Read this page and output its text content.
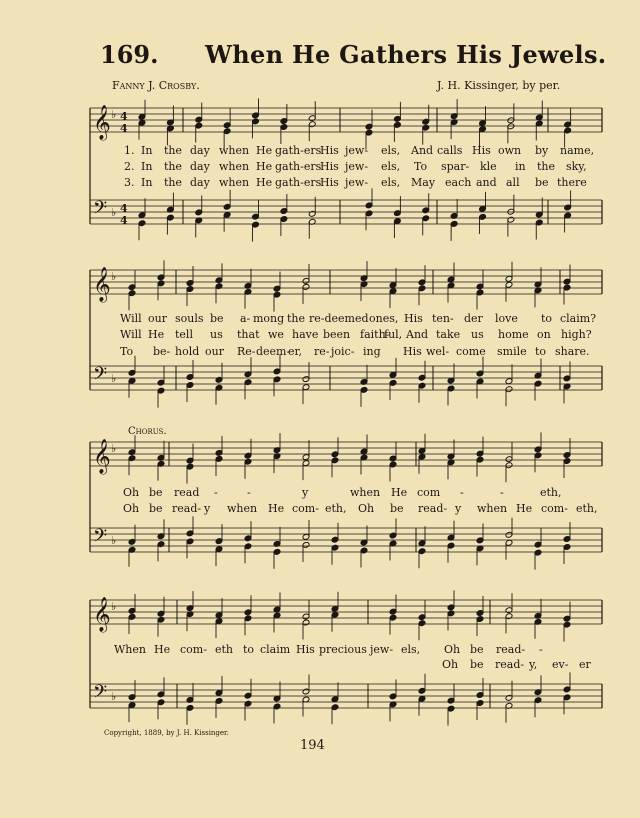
169. When He Gathers His Jewels.
Fanny J. Crosby.	J. H. Kissinger, by per.
𝄞
𝄢
♭
♭
4
4
4
4
𝄞
𝄢
♭
♭
𝄞
𝄢
♭
♭
𝄞
𝄢
♭
♭
1. In the day when He gath-ers
His jew- els, And calls His own by name,
2. In the day when He gath-ers
His jew- els, To spar- kle in the sky,
3. In the day when He gath-ers
His jew- els, May each and all be there
Will our souls be a- mong the re-deemed ones, His ten- der love to claim?
Will He tell us that we have been faith-
ful, And take us home on high?
To be- hold our Re- deem-
er, re- joic- ing His wel- come smile to share.
Chorus.
Oh be read -	-	y	when He com -	-	eth,
Oh be read- y when He com- eth, Oh be read- y when He com- eth,
When He com- eth to claim His precious jew- els, Oh be read- -
Oh be read- y, ev- er
Copyright, 1889, by J. H. Kissinger.
194
